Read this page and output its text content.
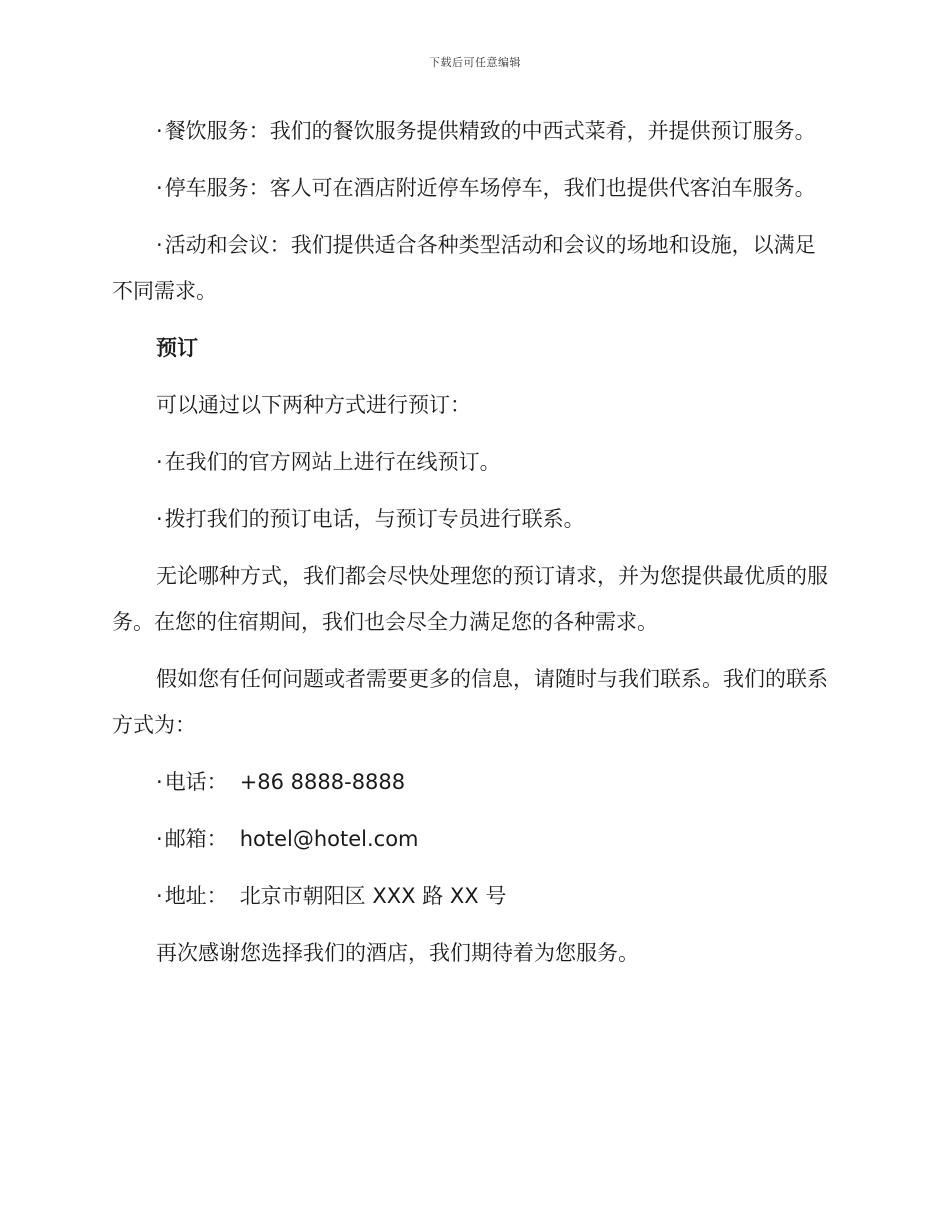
下载后可任意编辑

·餐饮服务：我们的餐饮服务提供精致的中西式菜肴，并提供预订服务。

·停车服务：客人可在酒店附近停车场停车，我们也提供代客泊车服务。

·活动和会议：我们提供适合各种类型活动和会议的场地和设施，以满足不同需求。

预订

可以通过以下两种方式进行预订：

·在我们的官方网站上进行在线预订。

·拨打我们的预订电话，与预订专员进行联系。

无论哪种方式，我们都会尽快处理您的预订请求，并为您提供最优质的服务。在您的住宿期间，我们也会尽全力满足您的各种需求。

假如您有任何问题或者需要更多的信息，请随时与我们联系。我们的联系方式为：

·电话： +86 8888-8888

·邮箱： hotel@hotel.com

·地址： 北京市朝阳区 XXX 路 XX 号

再次感谢您选择我们的酒店，我们期待着为您服务。
